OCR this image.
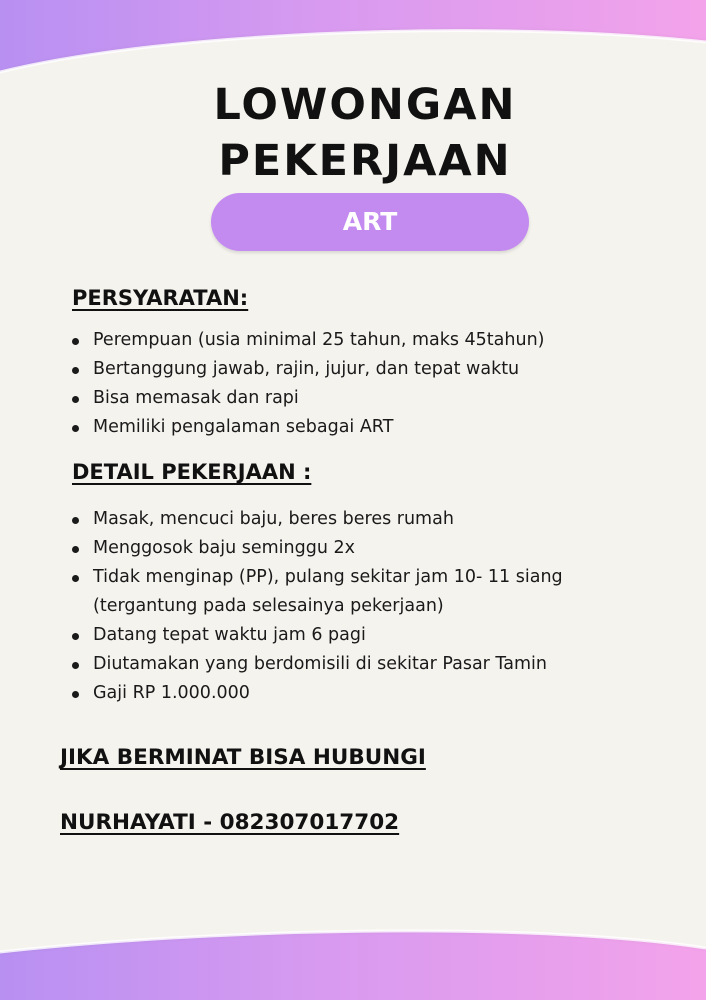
LOWONGAN
PEKERJAAN
ART
PERSYARATAN:
Perempuan (usia minimal 25 tahun, maks 45tahun)
Bertanggung jawab, rajin, jujur, dan tepat waktu
Bisa memasak dan rapi
Memiliki pengalaman sebagai ART
DETAIL PEKERJAAN :
Masak, mencuci baju, beres beres rumah
Menggosok baju seminggu 2x
Tidak menginap (PP), pulang sekitar jam 10- 11 siang
(tergantung pada selesainya pekerjaan)
Datang tepat waktu jam 6 pagi
Diutamakan yang berdomisili di sekitar Pasar Tamin
Gaji RP 1.000.000
JIKA BERMINAT BISA HUBUNGI
NURHAYATI - 082307017702
